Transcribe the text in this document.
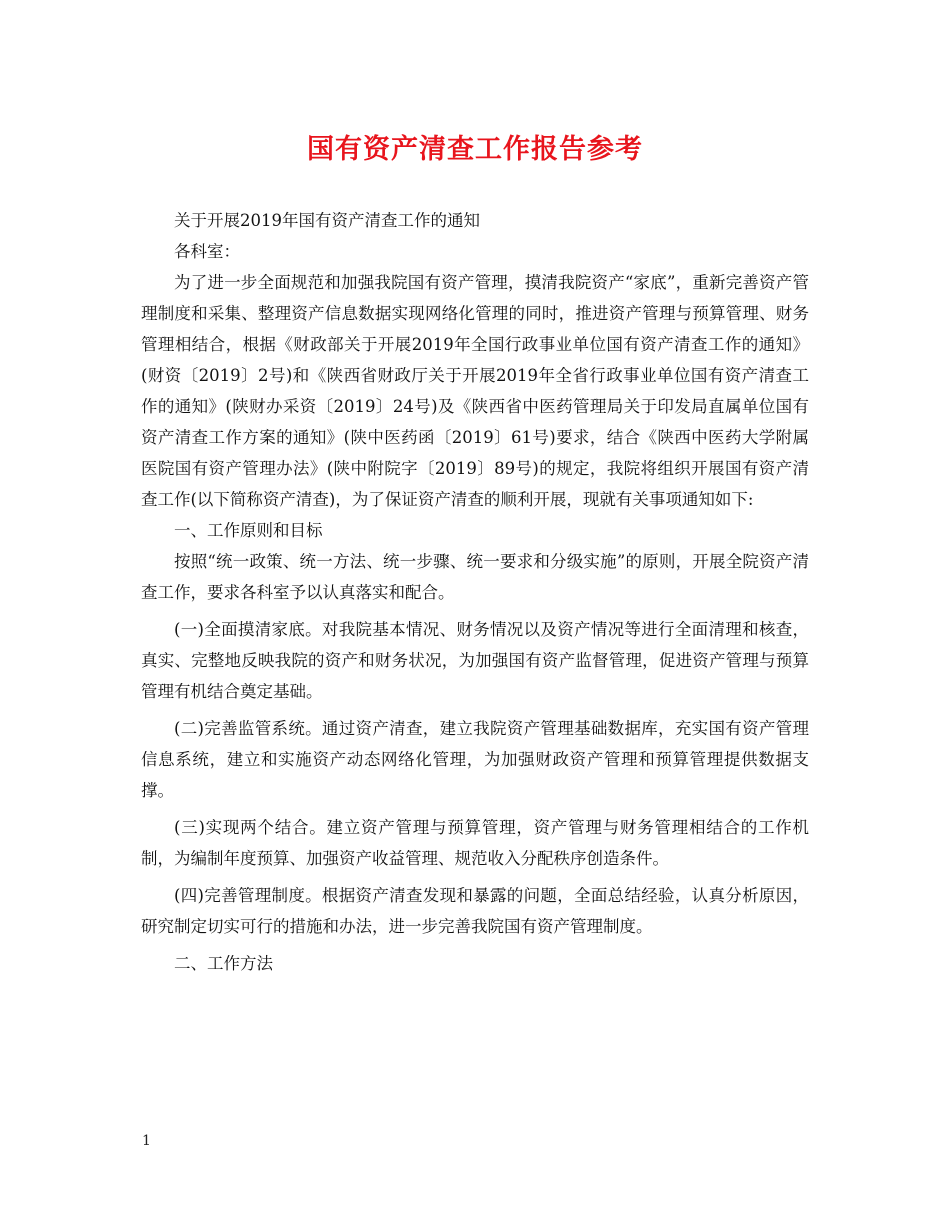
国有资产清查工作报告参考

关于开展2019年国有资产清查工作的通知

各科室：

为了进一步全面规范和加强我院国有资产管理，摸清我院资产“家底”，重新完善资产管理制度和采集、整理资产信息数据实现网络化管理的同时，推进资产管理与预算管理、财务管理相结合，根据《财政部关于开展2019年全国行政事业单位国有资产清查工作的通知》(财资〔2019〕2号)和《陕西省财政厅关于开展2019年全省行政事业单位国有资产清查工作的通知》(陕财办采资〔2019〕24号)及《陕西省中医药管理局关于印发局直属单位国有资产清查工作方案的通知》(陕中医药函〔2019〕61号)要求，结合《陕西中医药大学附属医院国有资产管理办法》(陕中附院字〔2019〕89号)的规定，我院将组织开展国有资产清查工作(以下简称资产清查)，为了保证资产清查的顺利开展，现就有关事项通知如下:

一、工作原则和目标

按照“统一政策、统一方法、统一步骤、统一要求和分级实施”的原则，开展全院资产清查工作，要求各科室予以认真落实和配合。

(一)全面摸清家底。对我院基本情况、财务情况以及资产情况等进行全面清理和核查，真实、完整地反映我院的资产和财务状况，为加强国有资产监督管理，促进资产管理与预算管理有机结合奠定基础。

(二)完善监管系统。通过资产清查，建立我院资产管理基础数据库，充实国有资产管理信息系统，建立和实施资产动态网络化管理，为加强财政资产管理和预算管理提供数据支撑。

(三)实现两个结合。建立资产管理与预算管理，资产管理与财务管理相结合的工作机制，为编制年度预算、加强资产收益管理、规范收入分配秩序创造条件。

(四)完善管理制度。根据资产清查发现和暴露的问题，全面总结经验，认真分析原因，研究制定切实可行的措施和办法，进一步完善我院国有资产管理制度。

二、工作方法

1
